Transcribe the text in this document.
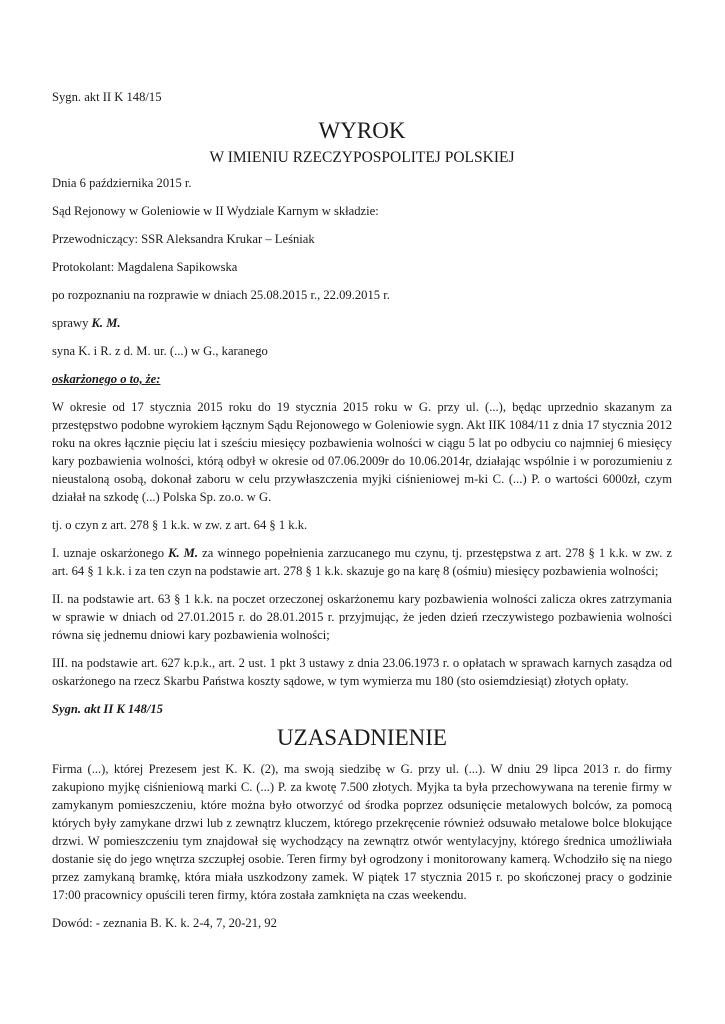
Sygn. akt II K 148/15

WYROK

W IMIENIU RZECZYPOSPOLITEJ POLSKIEJ

Dnia 6 października 2015 r.

Sąd Rejonowy w Goleniowie w II Wydziale Karnym w składzie:

Przewodniczący: SSR Aleksandra Krukar – Leśniak

Protokolant: Magdalena Sapikowska

po rozpoznaniu na rozprawie w dniach 25.08.2015 r., 22.09.2015 r.

sprawy K. M.

syna K. i R. z d. M. ur. (...) w G., karanego

oskarżonego o to, że:

W okresie od 17 stycznia 2015 roku do 19 stycznia 2015 roku w G. przy ul. (...), będąc uprzednio skazanym za przestępstwo podobne wyrokiem łącznym Sądu Rejonowego w Goleniowie sygn. Akt IIK 1084/11 z dnia 17 stycznia 2012 roku na okres łącznie pięciu lat i sześciu miesięcy pozbawienia wolności w ciągu 5 lat po odbyciu co najmniej 6 miesięcy kary pozbawienia wolności, którą odbył w okresie od 07.06.2009r do 10.06.2014r, działając wspólnie i w porozumieniu z nieustaloną osobą, dokonał zaboru w celu przywłaszczenia myjki ciśnieniowej m-ki C. (...) P. o wartości 6000zł, czym działał na szkodę (...) Polska Sp. zo.o. w G.

tj. o czyn z art. 278 § 1 k.k. w zw. z art. 64 § 1 k.k.

I. uznaje oskarżonego K. M. za winnego popełnienia zarzucanego mu czynu, tj. przestępstwa z art. 278 § 1 k.k. w zw. z art. 64 § 1 k.k. i za ten czyn na podstawie art. 278 § 1 k.k. skazuje go na karę 8 (ośmiu) miesięcy pozbawienia wolności;

II. na podstawie art. 63 § 1 k.k. na poczet orzeczonej oskarżonemu kary pozbawienia wolności zalicza okres zatrzymania w sprawie w dniach od 27.01.2015 r. do 28.01.2015 r. przyjmując, że jeden dzień rzeczywistego pozbawienia wolności równa się jednemu dniowi kary pozbawienia wolności;

III. na podstawie art. 627 k.p.k., art. 2 ust. 1 pkt 3 ustawy z dnia 23.06.1973 r. o opłatach w sprawach karnych zasądza od oskarżonego na rzecz Skarbu Państwa koszty sądowe, w tym wymierza mu 180 (sto osiemdziesiąt) złotych opłaty.

Sygn. akt II K 148/15

UZASADNIENIE

Firma (...), której Prezesem jest K. K. (2), ma swoją siedzibę w G. przy ul. (...). W dniu 29 lipca 2013 r. do firmy zakupiono myjkę ciśnieniową marki C. (...) P. za kwotę 7.500 złotych. Myjka ta była przechowywana na terenie firmy w zamykanym pomieszczeniu, które można było otworzyć od środka poprzez odsunięcie metalowych bolców, za pomocą których były zamykane drzwi lub z zewnątrz kluczem, którego przekręcenie również odsuwało metalowe bolce blokujące drzwi. W pomieszczeniu tym znajdował się wychodzący na zewnątrz otwór wentylacyjny, którego średnica umożliwiała dostanie się do jego wnętrza szczupłej osobie. Teren firmy był ogrodzony i monitorowany kamerą. Wchodziło się na niego przez zamykaną bramkę, która miała uszkodzony zamek. W piątek 17 stycznia 2015 r. po skończonej pracy o godzinie 17:00 pracownicy opuścili teren firmy, która została zamknięta na czas weekendu.

Dowód: - zeznania B. K. k. 2-4, 7, 20-21, 92
